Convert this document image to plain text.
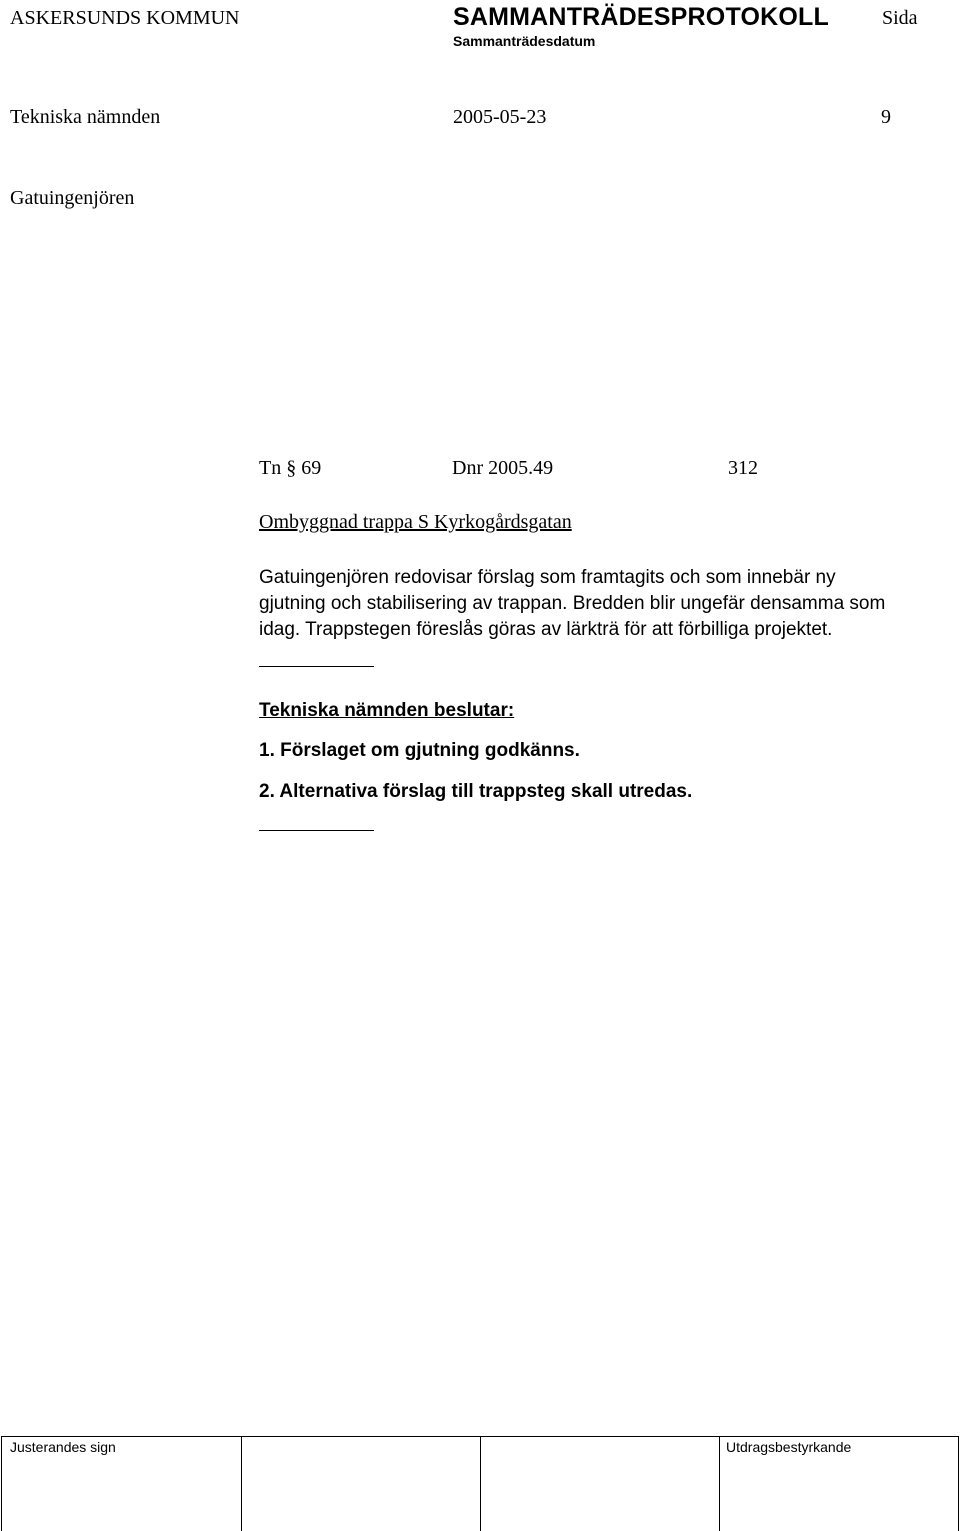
ASKERSUNDS KOMMUN	SAMMANTRÄDESPROTOKOLL	Sida
Sammanträdesdatum
Tekniska nämnden	2005-05-23	9
Gatuingenjören
Tn § 69	Dnr 2005.49	312
Ombyggnad trappa S Kyrkogårdsgatan
Gatuingenjören redovisar förslag som framtagits och som innebär ny
gjutning och stabilisering av trappan. Bredden blir ungefär densamma som
idag. Trappstegen föreslås göras av lärkträ för att förbilliga projektet.
Tekniska nämnden beslutar:
1. Förslaget om gjutning godkänns.
2. Alternativa förslag till trappsteg skall utredas.
Justerandes sign	Utdragsbestyrkande
